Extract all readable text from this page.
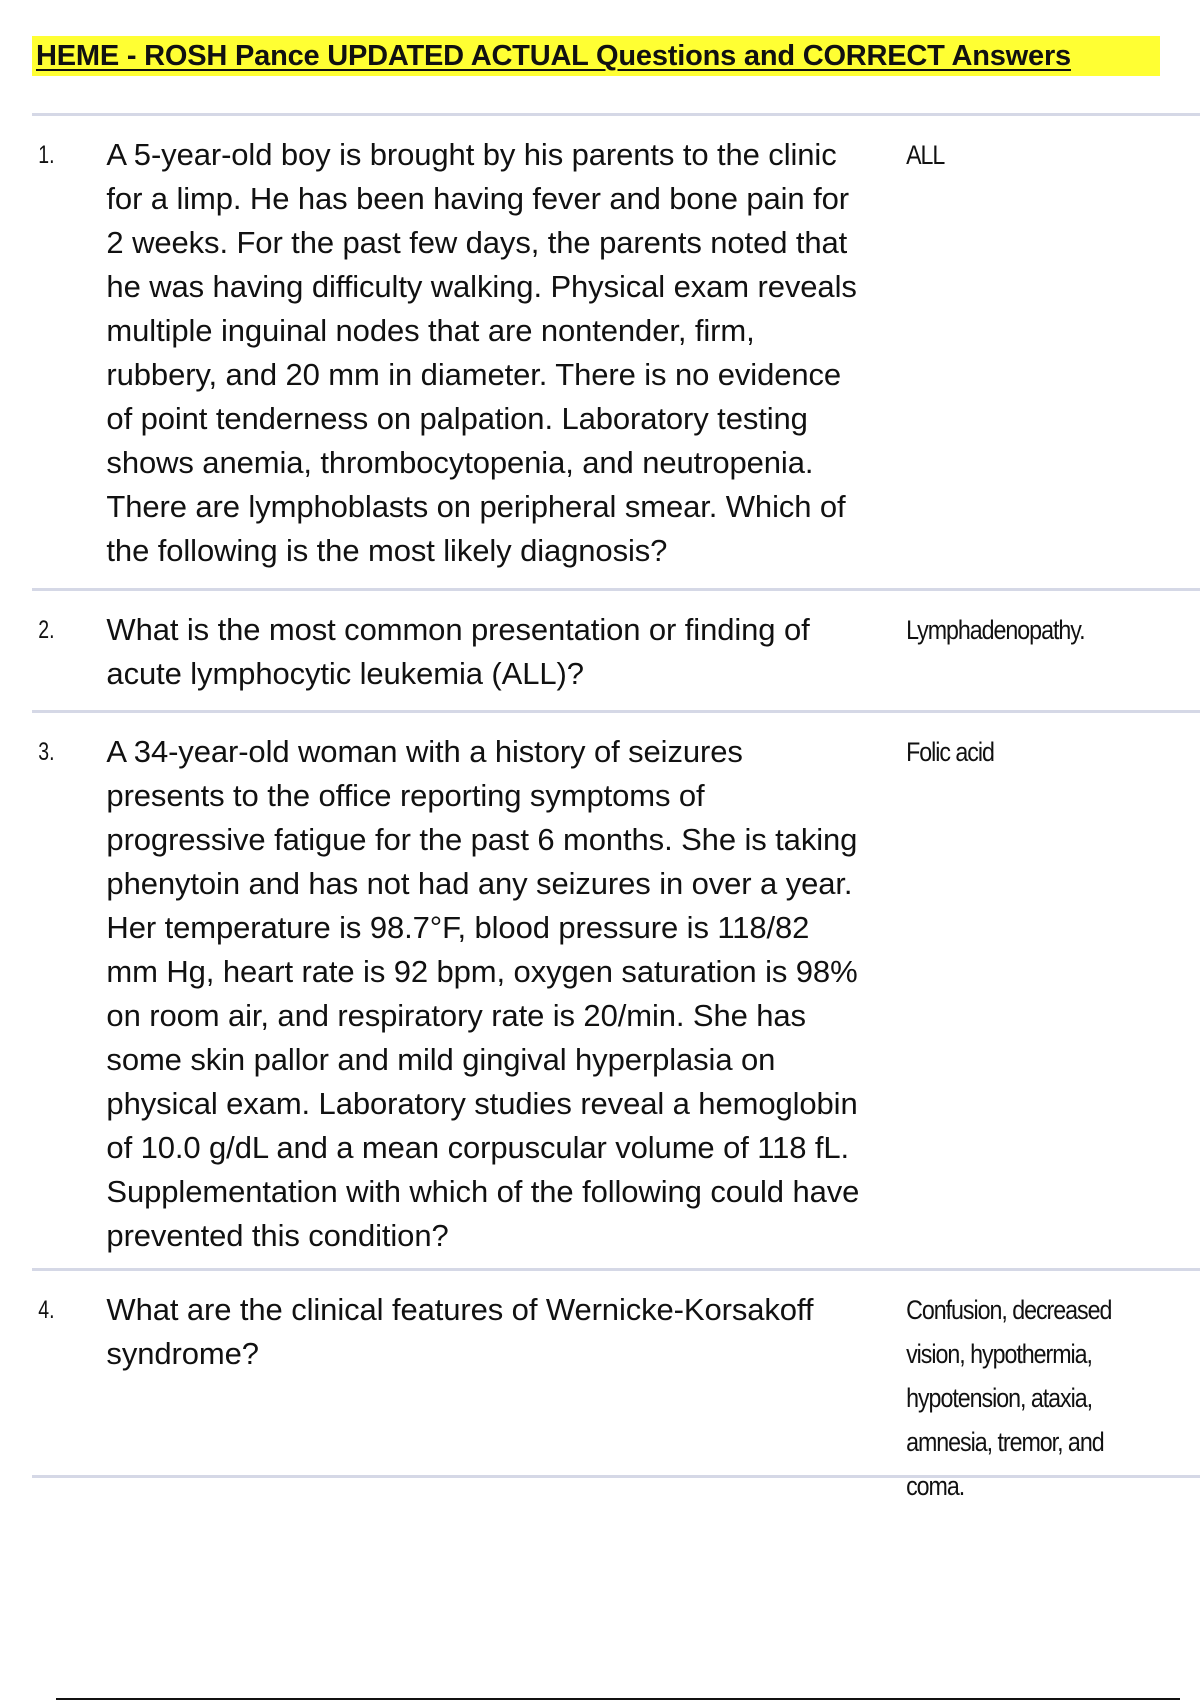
HEME - ROSH Pance UPDATED ACTUAL Questions and CORRECT Answers
1.	A 5-year-old boy is brought by his parents to the clinic for a limp. He has been having fever and bone pain for 2 weeks. For the past few days, the parents noted that he was having difficulty walking. Physical exam reveals multiple inguinal nodes that are nontender, firm, rubbery, and 20 mm in diameter. There is no evidence of point tenderness on palpation. Laboratory testing shows anemia, thrombocytopenia, and neutropenia. There are lymphoblasts on peripheral smear. Which of the following is the most likely diagnosis?
ALL
2.	What is the most common presentation or finding of acute lymphocytic leukemia (ALL)?
Lymphadenopathy.
3.	A 34-year-old woman with a history of seizures presents to the office reporting symptoms of progressive fatigue for the past 6 months. She is taking phenytoin and has not had any seizures in over a year. Her temperature is 98.7°F, blood pressure is 118/82 mm Hg, heart rate is 92 bpm, oxygen saturation is 98% on room air, and respiratory rate is 20/min. She has some skin pallor and mild gingival hyperplasia on physical exam. Laboratory studies reveal a hemoglobin of 10.0 g/dL and a mean corpuscular volume of 118 fL. Supplementation with which of the following could have prevented this condition?
Folic acid
4.	What are the clinical features of Wernicke-Korsakoff syndrome?
Confusion, decreased vision, hypothermia, hypotension, ataxia, amnesia, tremor, and coma.
